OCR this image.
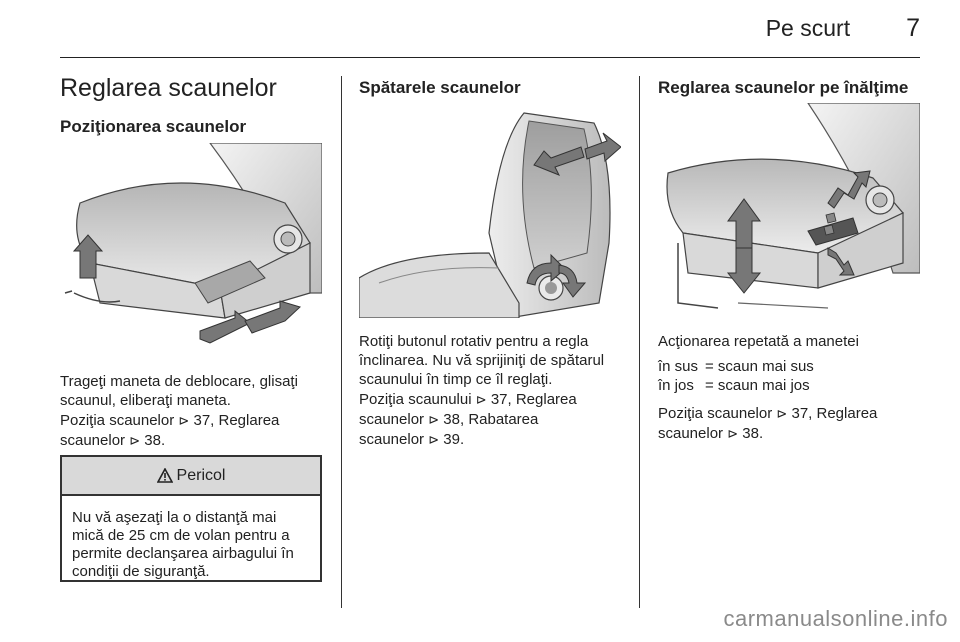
Pe scurt 7
Reglarea scaunelor
Poziţionarea scaunelor

Trageţi maneta de deblocare, glisaţi scaunul, eliberaţi maneta.

Poziţia scaunelor ⊳ 37, Reglarea
scaunelor ⊳ 38.

Pericol
Nu vă aşezaţi la o distanţă mai mică de 25 cm de volan pentru a permite declanşarea airbagului în condiţii de siguranţă.
Spătarele scaunelor

Rotiţi butonul rotativ pentru a regla înclinarea. Nu vă sprijiniţi de spătarul scaunului în timp ce îl reglaţi.

Poziţia scaunului ⊳ 37, Reglarea
scaunelor ⊳ 38, Rabatarea
scaunelor ⊳ 39.

Reglarea scaunelor pe înălţime

Acţionarea repetată a manetei

în sus = scaun mai sus
în jos = scaun mai jos

Poziţia scaunelor ⊳ 37, Reglarea
scaunelor ⊳ 38.

carmanualsonline.info
